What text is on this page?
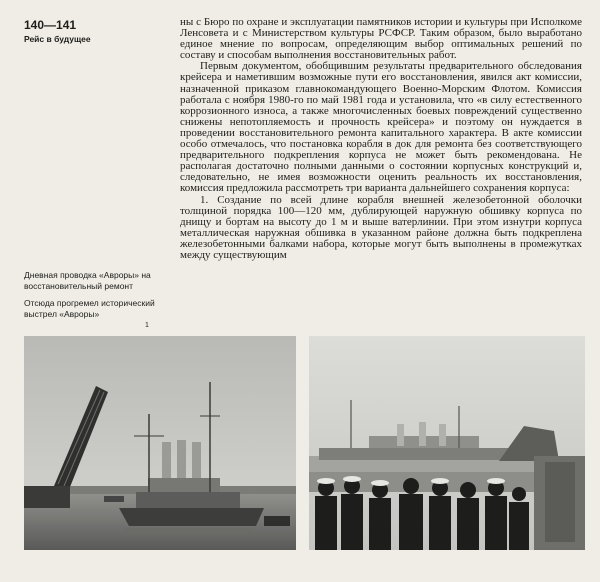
140—141
Рейс в будущее

Дневная проводка «Авроры» на восстановительный ремонт

Отсюда прогремел исторический выстрел «Авроры»

1

ны с Бюро по охране и эксплуатации памятников истории и культуры при Исполкоме Ленсовета и с Министерством культуры РСФСР. Таким образом, было выработано единое мнение по вопросам, определяющим выбор оптимальных решений по составу и способам выполнения восстановительных работ.

Первым документом, обобщившим результаты предварительного обследования крейсера и наметившим возможные пути его восстановления, явился акт комиссии, назначенной приказом главнокомандующего Военно-Морским Флотом. Комиссия работала с ноября 1980-го по май 1981 года и установила, что «в силу естественного коррозионного износа, а также многочисленных боевых повреждений существенно снижены непотопляемость и прочность крейсера» и поэтому он нуждается в проведении восстановительного ремонта капитального характера. В акте комиссии особо отмечалось, что постановка корабля в док для ремонта без соответствующего предварительного подкрепления корпуса не может быть рекомендована. Не располагая достаточно полными данными о состоянии корпусных конструкций и, следовательно, не имея возможности оценить реальность их восстановления, комиссия предложила рассмотреть три варианта дальнейшего сохранения корпуса:

1. Создание по всей длине корабля внешней железобетонной оболочки толщиной порядка 100—120 мм, дублирующей наружную обшивку корпуса по днищу и бортам на высоту до 1 м и выше ватерлинии. При этом изнутри корпуса металлическая наружная обшивка в указанном районе должна быть подкреплена железобетонными балками набора, которые могут быть выполнены в промежутках между существующим
